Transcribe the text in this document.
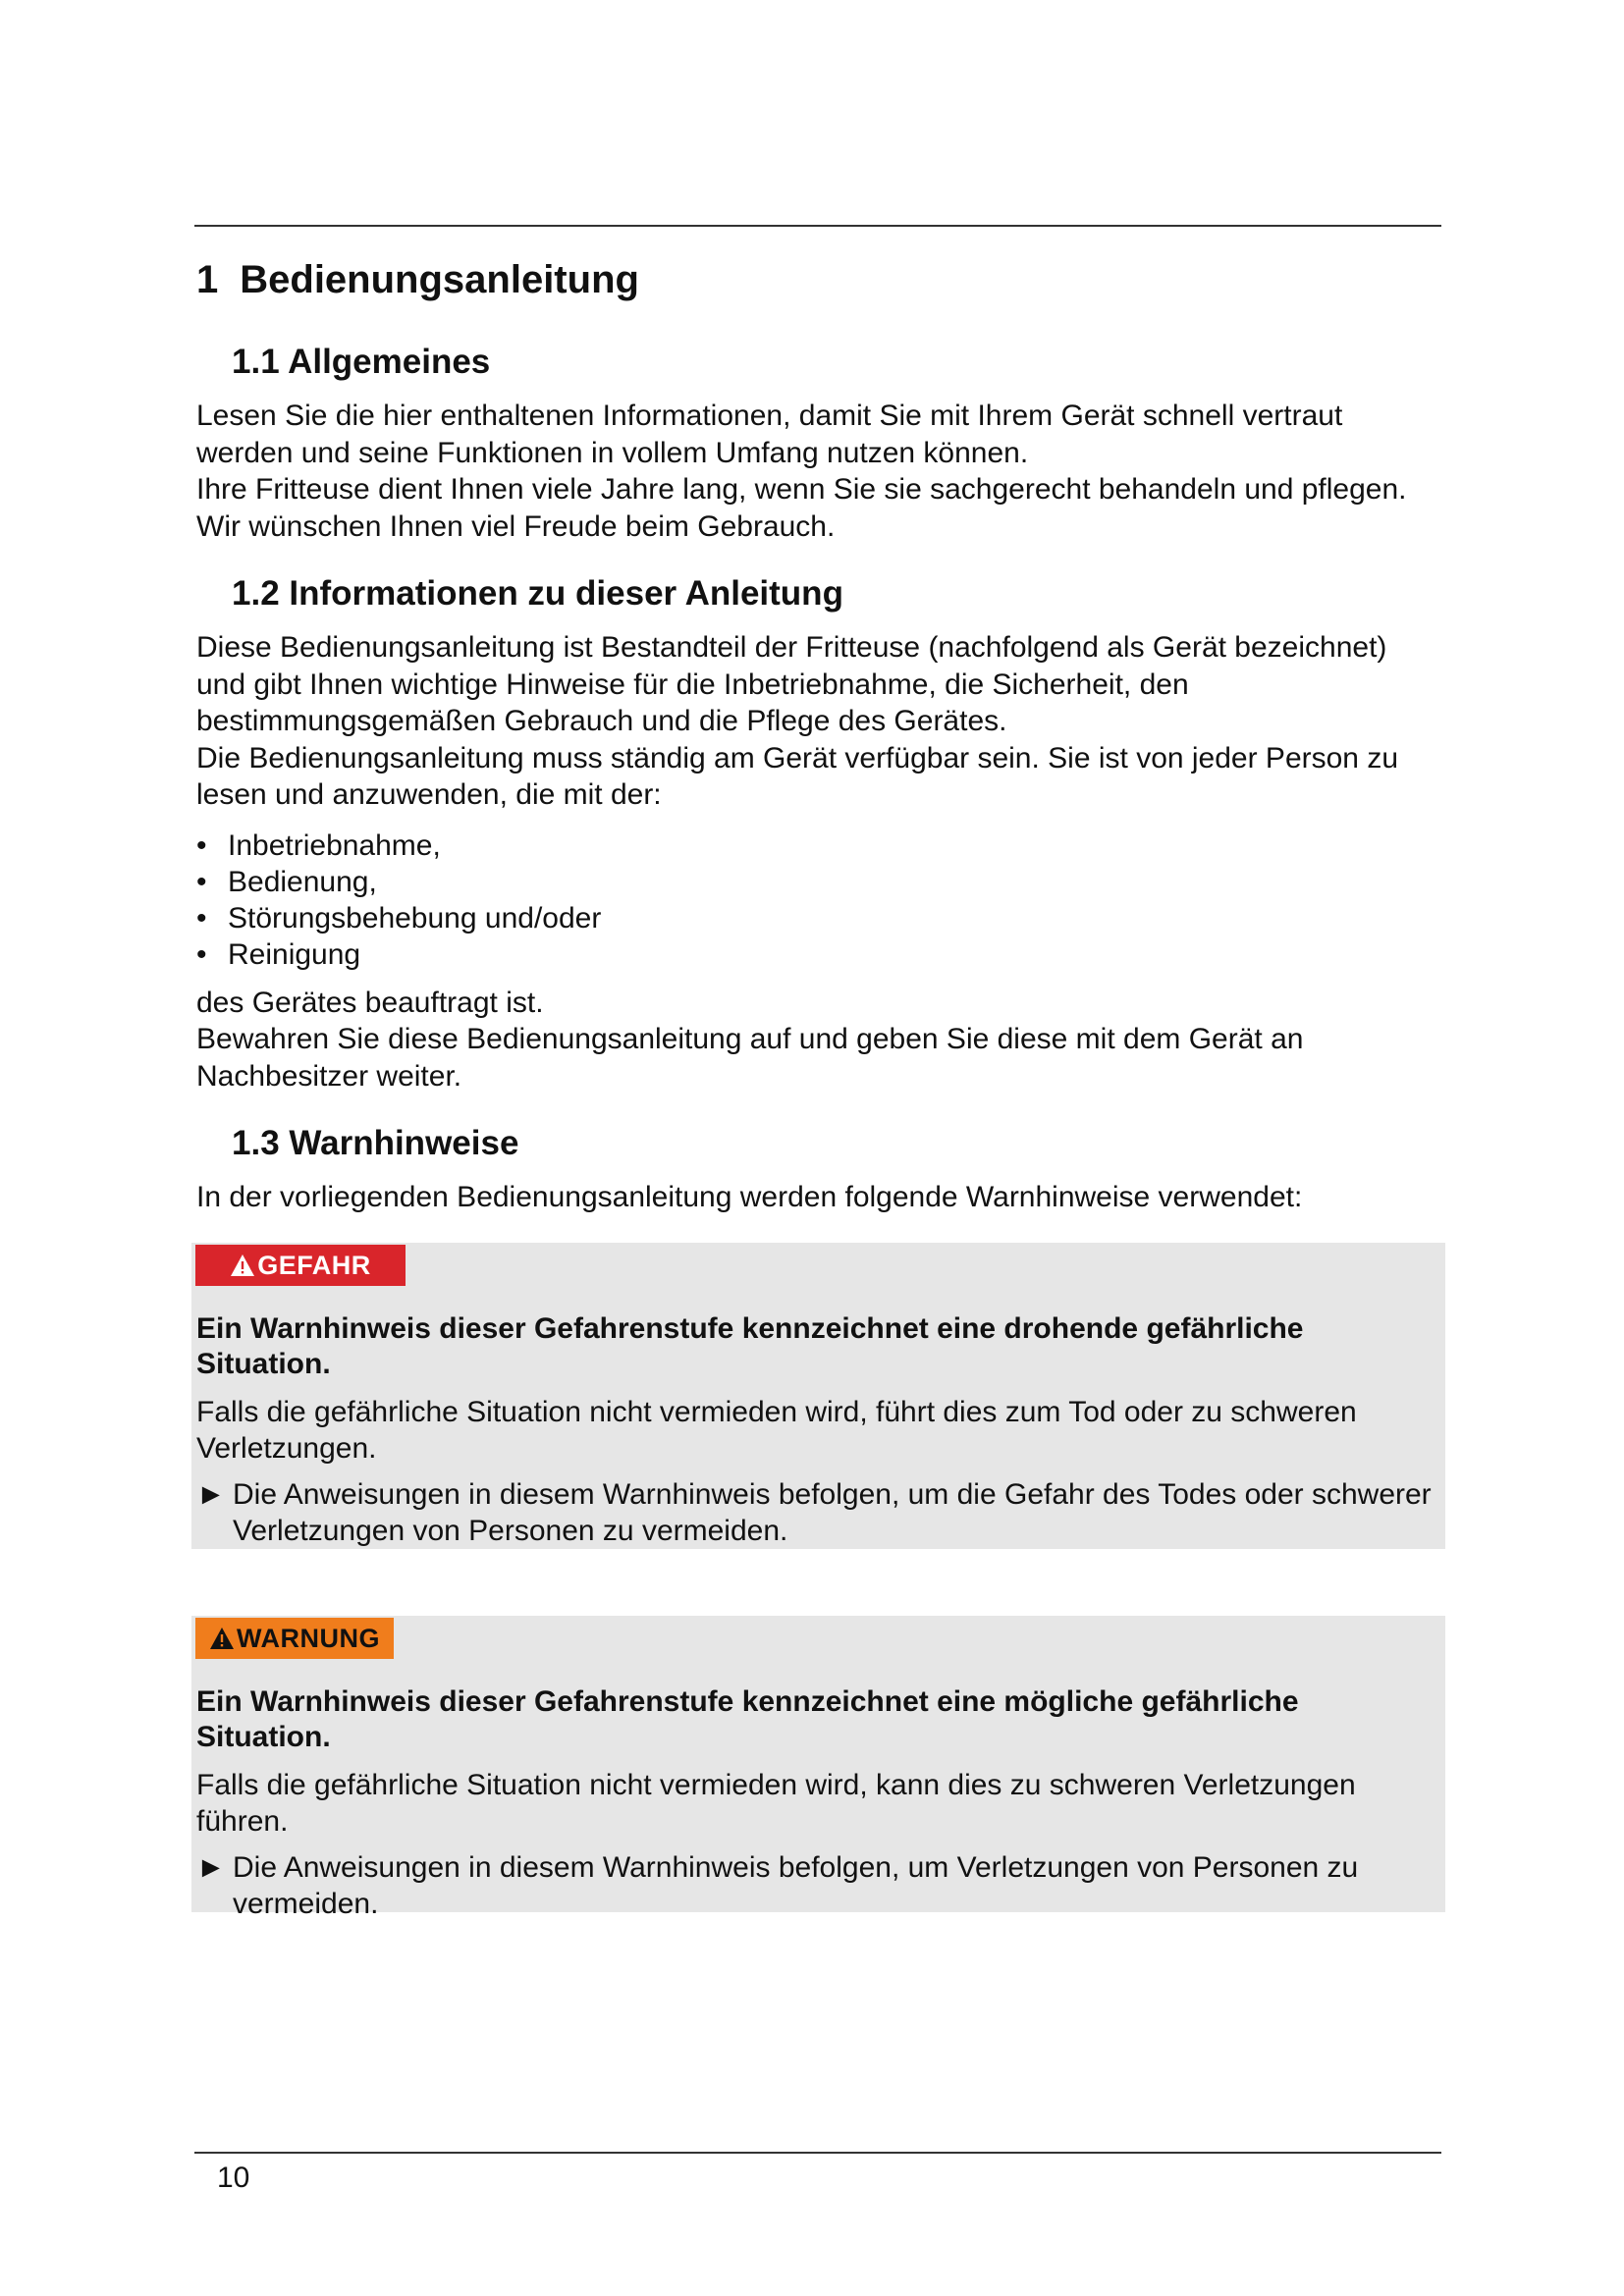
1 Bedienungsanleitung
1.1 Allgemeines

Lesen Sie die hier enthaltenen Informationen, damit Sie mit Ihrem Gerät schnell vertraut werden und seine Funktionen in vollem Umfang nutzen können.

Ihre Fritteuse dient Ihnen viele Jahre lang, wenn Sie sie sachgerecht behandeln und pflegen. Wir wünschen Ihnen viel Freude beim Gebrauch.

1.2 Informationen zu dieser Anleitung

Diese Bedienungsanleitung ist Bestandteil der Fritteuse (nachfolgend als Gerät bezeichnet) und gibt Ihnen wichtige Hinweise für die Inbetriebnahme, die Sicherheit, den bestimmungsgemäßen Gebrauch und die Pflege des Gerätes.

Die Bedienungsanleitung muss ständig am Gerät verfügbar sein. Sie ist von jeder Person zu lesen und anzuwenden, die mit der:

• Inbetriebnahme,
• Bedienung,
• Störungsbehebung und/oder
• Reinigung

des Gerätes beauftragt ist.

Bewahren Sie diese Bedienungsanleitung auf und geben Sie diese mit dem Gerät an Nachbesitzer weiter.

1.3 Warnhinweise

In der vorliegenden Bedienungsanleitung werden folgende Warnhinweise verwendet:

GEFAHR

Ein Warnhinweis dieser Gefahrenstufe kennzeichnet eine drohende gefährliche Situation.

Falls die gefährliche Situation nicht vermieden wird, führt dies zum Tod oder zu schweren Verletzungen.

► Die Anweisungen in diesem Warnhinweis befolgen, um die Gefahr des Todes oder schwerer Verletzungen von Personen zu vermeiden.
WARNUNG

Ein Warnhinweis dieser Gefahrenstufe kennzeichnet eine mögliche gefährliche Situation.

Falls die gefährliche Situation nicht vermieden wird, kann dies zu schweren Verletzungen führen.

► Die Anweisungen in diesem Warnhinweis befolgen, um Verletzungen von Personen zu vermeiden.
10
